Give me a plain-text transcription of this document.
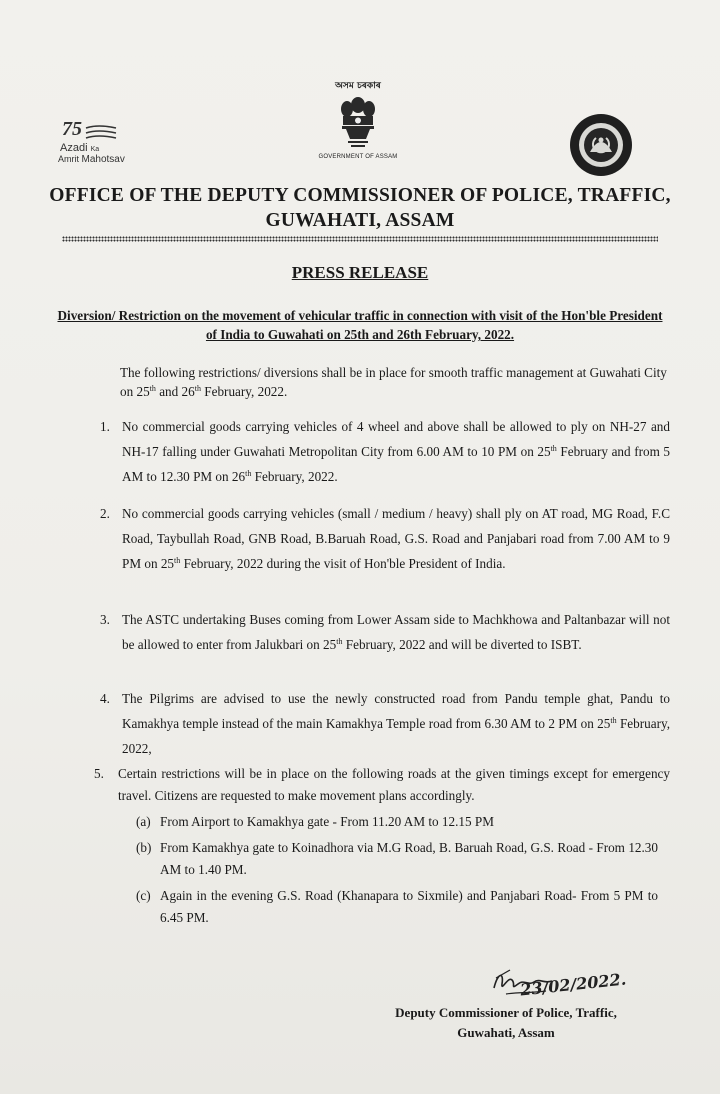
75
Azadi Ka
Amrit Mahotsav
অসম চৰকাৰ
GOVERNMENT OF ASSAM
OFFICE OF THE DEPUTY COMMISSIONER OF POLICE, TRAFFIC,
GUWAHATI, ASSAM
PRESS RELEASE
Diversion/ Restriction on the movement of vehicular traffic in connection with visit of the Hon'ble President of India to Guwahati on 25th and 26th February, 2022.
The following restrictions/ diversions shall be in place for smooth traffic management at Guwahati City on 25th and 26th February, 2022.
1. No commercial goods carrying vehicles of 4 wheel and above shall be allowed to ply on NH-27 and NH-17 falling under Guwahati Metropolitan City from 6.00 AM to 10 PM on 25th February and from 5 AM to 12.30 PM on 26th February, 2022.
2. No commercial goods carrying vehicles (small / medium / heavy) shall ply on AT road, MG Road, F.C Road, Taybullah Road, GNB Road, B.Baruah Road, G.S. Road and Panjabari road from 7.00 AM to 9 PM on 25th February, 2022 during the visit of Hon'ble President of India.
3. The ASTC undertaking Buses coming from Lower Assam side to Machkhowa and Paltanbazar will not be allowed to enter from Jalukbari on 25th February, 2022 and will be diverted to ISBT.
4. The Pilgrims are advised to use the newly constructed road from Pandu temple ghat, Pandu to Kamakhya temple instead of the main Kamakhya Temple road from 6.30 AM to 2 PM on 25th February, 2022,
5. Certain restrictions will be in place on the following roads at the given timings except for emergency travel. Citizens are requested to make movement plans accordingly.
(a) From Airport to Kamakhya gate - From 11.20 AM to 12.15 PM
(b) From Kamakhya gate to Koinadhora via M.G Road, B. Baruah Road, G.S. Road - From 12.30 AM to 1.40 PM.
(c) Again in the evening G.S. Road (Khanapara to Sixmile) and Panjabari Road- From 5 PM to 6.45 PM.
23/02/2022.
Deputy Commissioner of Police, Traffic,
Guwahati, Assam
